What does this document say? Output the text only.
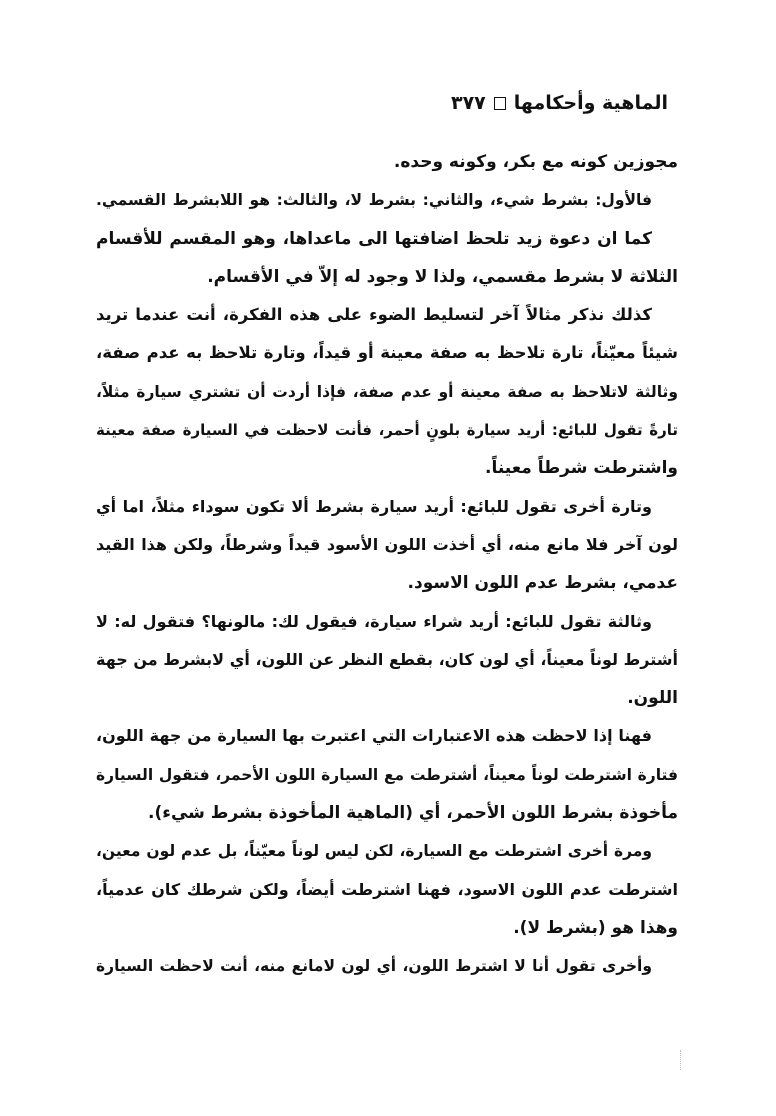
الماهية وأحكامها
٣٧٧

مجوزين كونه مع بكر، وكونه وحده.

فالأول: بشرط شيء، والثاني: بشرط لا، والثالث: هو اللابشرط القسمي.

كما ان دعوة زيد تلحظ اضافتها الى ماعداها، وهو المقسم للأقسام
الثلاثة لا بشرط مقسمي، ولذا لا وجود له إلاّ في الأقسام.

كذلك نذكر مثالاً آخر لتسليط الضوء على هذه الفكرة، أنت عندما تريد
شيئاً معيّناً، تارة تلاحظ به صفة معينة أو قيداً، وتارة تلاحظ به عدم صفة،
وثالثة لاتلاحظ به صفة معينة أو عدم صفة، فإذا أردت أن تشتري سيارة مثلاً،
تارةً تقول للبائع: أريد سيارة بلونٍ أحمر، فأنت لاحظت في السيارة صفة معينة
واشترطت شرطاً معيناً.

وتارة أخرى تقول للبائع: أريد سيارة بشرط ألا تكون سوداء مثلاً، اما أي
لون آخر فلا مانع منه، أي أخذت اللون الأسود قيداً وشرطاً، ولكن هذا القيد
عدمي، بشرط عدم اللون الاسود.

وثالثة تقول للبائع: أريد شراء سيارة، فيقول لك: مالونها؟ فتقول له: لا
أشترط لوناً معيناً، أي لون كان، بقطع النظر عن اللون، أي لابشرط من جهة
اللون.

فهنا إذا لاحظت هذه الاعتبارات التي اعتبرت بها السيارة من جهة اللون،
فتارة اشترطت لوناً معيناً، أشترطت مع السيارة اللون الأحمر، فتقول السيارة
مأخوذة بشرط اللون الأحمر، أي (الماهية المأخوذة بشرط شيء).

ومرة أخرى اشترطت مع السيارة، لكن ليس لوناً معيّناً، بل عدم لون معين،
اشترطت عدم اللون الاسود، فهنا اشترطت أيضاً، ولكن شرطك كان عدمياً،
وهذا هو (بشرط لا).

وأخرى تقول أنا لا اشترط اللون، أي لون لامانع منه، أنت لاحظت السيارة
